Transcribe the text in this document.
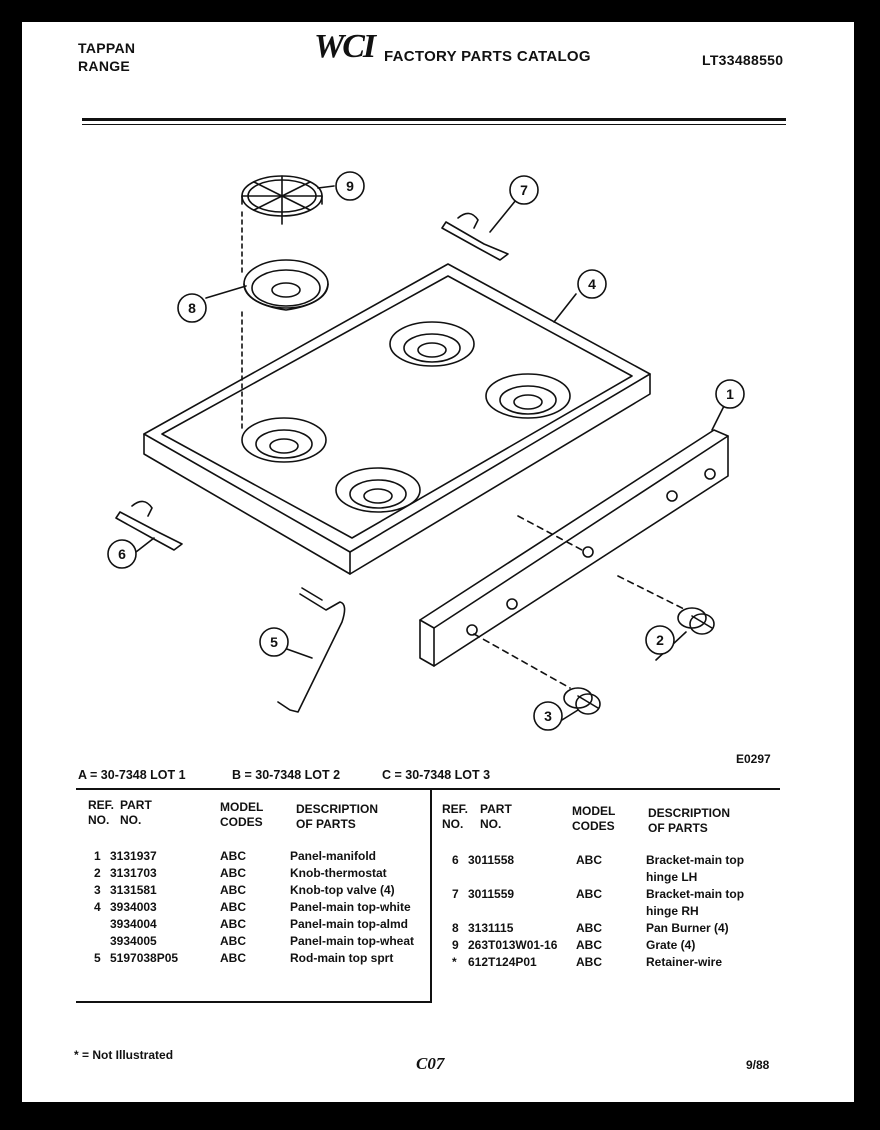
TAPPAN
RANGE
WCI FACTORY PARTS CATALOG	LT33488550
9	7
8
4
1
6
5	2
3
E0297
A = 30-7348 LOT 1	B = 30-7348 LOT 2	C = 30-7348 LOT 3
REF.
NO.
PART
NO.
MODEL
CODES
DESCRIPTION
OF PARTS
REF.
NO.
PART
NO.
MODEL
CODES
DESCRIPTION
OF PARTS
1 3131937	ABC	Panel-manifold
2 3131703	ABC	Knob-thermostat
3 3131581	ABC	Knob-top valve (4)
4 3934003	ABC	Panel-main top-white
3934004	ABC	Panel-main top-almd
3934005	ABC	Panel-main top-wheat
5 5197038P05	ABC	Rod-main top sprt
6 3011558	ABC	Bracket-main top
hinge LH
7 3011559	ABC	Bracket-main top
hinge RH
8 3131115	ABC	Pan Burner (4)
9 263T013W01-16 ABC	Grate (4)
* 612T124P01	ABC	Retainer-wire
* = Not Illustrated	C07	9/88
